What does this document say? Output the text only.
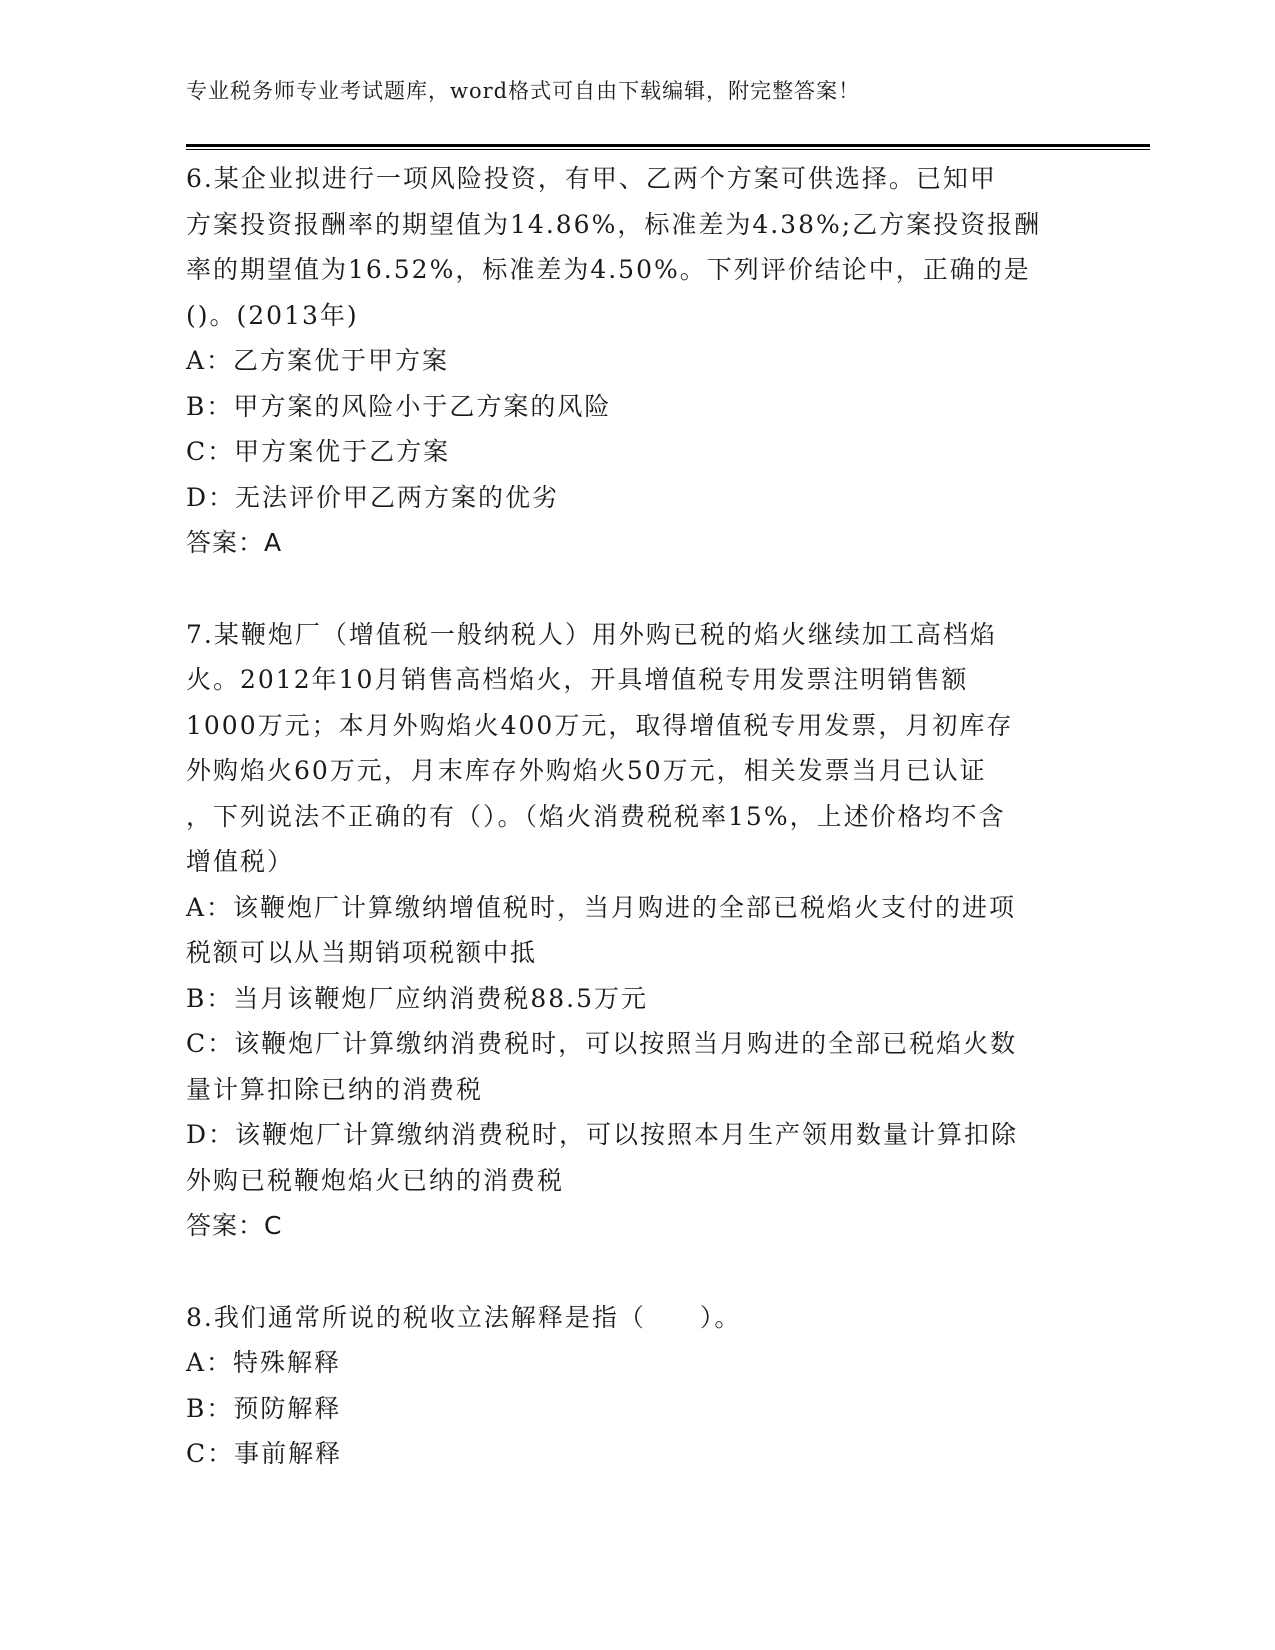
专业税务师专业考试题库，word格式可自由下载编辑，附完整答案！
6.某企业拟进行一项风险投资，有甲、乙两个方案可供选择。已知甲
方案投资报酬率的期望值为14.86%，标准差为4.38%;乙方案投资报酬
率的期望值为16.52%，标准差为4.50%。下列评价结论中，正确的是
()。(2013年)
A：乙方案优于甲方案
B：甲方案的风险小于乙方案的风险
C：甲方案优于乙方案
D：无法评价甲乙两方案的优劣
答案：A
7.某鞭炮厂（增值税一般纳税人）用外购已税的焰火继续加工高档焰
火。2012年10月销售高档焰火，开具增值税专用发票注明销售额
1000万元；本月外购焰火400万元，取得增值税专用发票，月初库存
外购焰火60万元，月末库存外购焰火50万元，相关发票当月已认证
，下列说法不正确的有（）。（焰火消费税税率15%，上述价格均不含
增值税）
A：该鞭炮厂计算缴纳增值税时，当月购进的全部已税焰火支付的进项
税额可以从当期销项税额中抵
B：当月该鞭炮厂应纳消费税88.5万元
C：该鞭炮厂计算缴纳消费税时，可以按照当月购进的全部已税焰火数
量计算扣除已纳的消费税
D：该鞭炮厂计算缴纳消费税时，可以按照本月生产领用数量计算扣除
外购已税鞭炮焰火已纳的消费税
答案：C
8.我们通常所说的税收立法解释是指（　　）。
A：特殊解释
B：预防解释
C：事前解释
